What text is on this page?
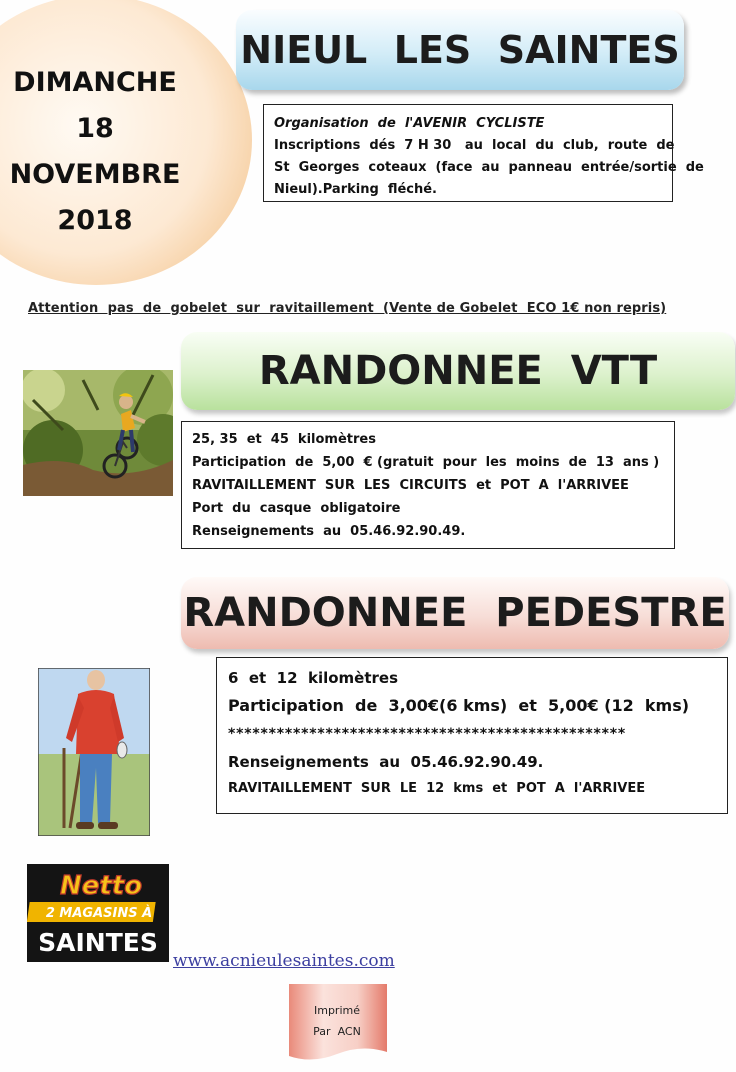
DIMANCHE
18
NOVEMBRE
2018
NIEUL  LES  SAINTES
Organisation  de  l'AVENIR  CYCLISTE
Inscriptions  dés  7 H 30   au  local  du  club,  route  de
St  Georges  coteaux  (face  au  panneau  entrée/sortie  de
Nieul).Parking  fléché.
Attention  pas  de  gobelet  sur  ravitaillement  (Vente de Gobelet  ECO 1€ non repris)
RANDONNEE  VTT
25, 35  et  45  kilomètres
Participation  de  5,00  € (gratuit  pour  les  moins  de  13  ans )
RAVITAILLEMENT  SUR  LES  CIRCUITS  et  POT  A  l'ARRIVEE
Port  du  casque  obligatoire
Renseignements  au  05.46.92.90.49.
RANDONNEE  PEDESTRE
6  et  12  kilomètres
Participation  de  3,00€(6 kms)  et  5,00€ (12  kms)
*************************************************
Renseignements  au  05.46.92.90.49.
RAVITAILLEMENT  SUR  LE  12  kms  et  POT  A  l'ARRIVEE
Netto
2 MAGASINS À
SAINTES
www.acnieulesaintes.com
Imprimé
Par  ACN
